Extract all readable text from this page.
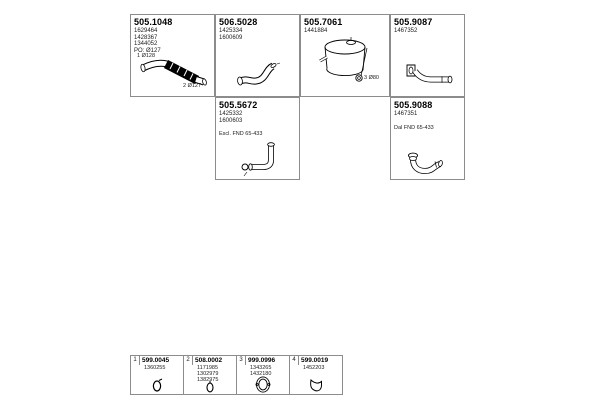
505.1048
1629464
1428367
1344052
PO: Ø127
1 Ø128
2 Ø127
506.5028
1425334
1600609
505.7061
1441884
3 Ø80
505.9087
1467352
505.5672
1425332
1600603
Escl. FND 65-433
505.9088
1467351
Dal FND 65-433
1 599.0045
1360255
2 508.0002
1171985
1302979
1382975
3 999.0996
1343265
1432180
4 599.0019
1452203
